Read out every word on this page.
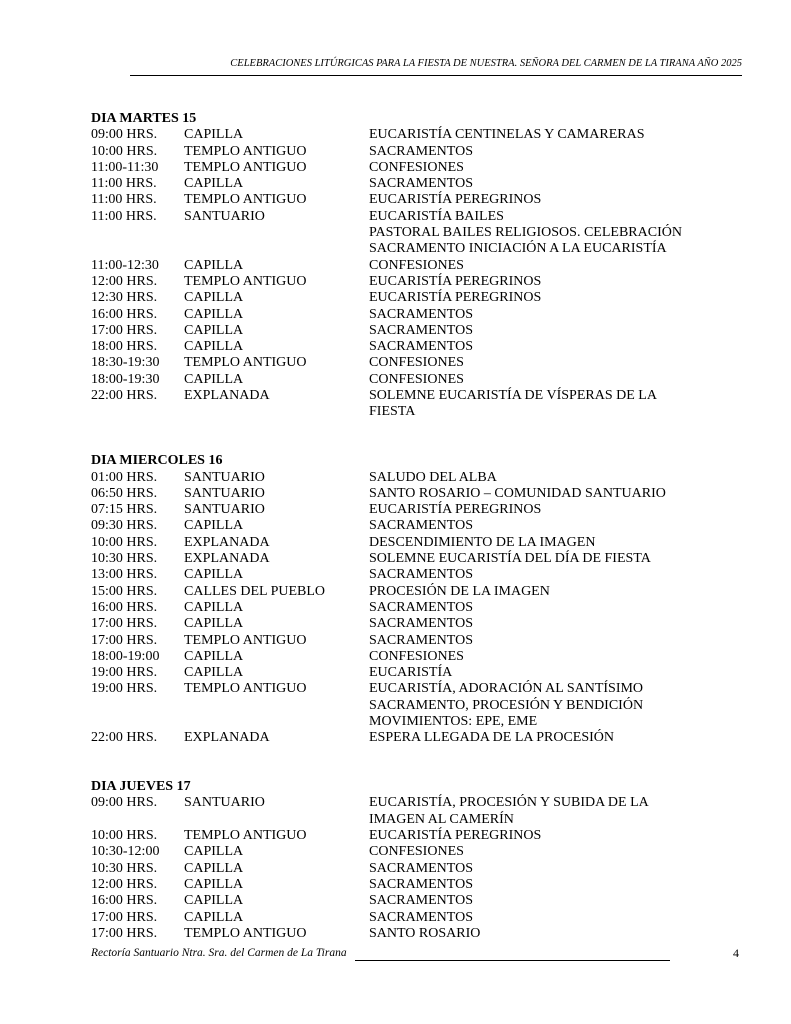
CELEBRACIONES LITÚRGICAS PARA LA FIESTA DE NUESTRA. SEÑORA DEL CARMEN DE LA TIRANA AÑO 2025
DIA MARTES 15
09:00 HRS. CAPILLA	EUCARISTÍA CENTINELAS Y CAMARERAS
10:00 HRS. TEMPLO ANTIGUO	SACRAMENTOS
11:00-11:30 TEMPLO ANTIGUO	CONFESIONES
11:00 HRS. CAPILLA	SACRAMENTOS
11:00 HRS. TEMPLO ANTIGUO	EUCARISTÍA PEREGRINOS
11:00 HRS. SANTUARIO	EUCARISTÍA BAILES
PASTORAL BAILES RELIGIOSOS. CELEBRACIÓN
SACRAMENTO INICIACIÓN A LA EUCARISTÍA
11:00-12:30 CAPILLA	CONFESIONES
12:00 HRS. TEMPLO ANTIGUO	EUCARISTÍA PEREGRINOS
12:30 HRS. CAPILLA	EUCARISTÍA PEREGRINOS
16:00 HRS. CAPILLA	SACRAMENTOS
17:00 HRS. CAPILLA	SACRAMENTOS
18:00 HRS. CAPILLA	SACRAMENTOS
18:30-19:30 TEMPLO ANTIGUO	CONFESIONES
18:00-19:30 CAPILLA	CONFESIONES
22:00 HRS. EXPLANADA	SOLEMNE EUCARISTÍA DE VÍSPERAS DE LA
FIESTA
DIA MIERCOLES 16
01:00 HRS. SANTUARIO	SALUDO DEL ALBA
06:50 HRS. SANTUARIO	SANTO ROSARIO – COMUNIDAD SANTUARIO
07:15 HRS. SANTUARIO	EUCARISTÍA PEREGRINOS
09:30 HRS. CAPILLA	SACRAMENTOS
10:00 HRS. EXPLANADA	DESCENDIMIENTO DE LA IMAGEN
10:30 HRS. EXPLANADA	SOLEMNE EUCARISTÍA DEL DÍA DE FIESTA
13:00 HRS. CAPILLA	SACRAMENTOS
15:00 HRS. CALLES DEL PUEBLO	PROCESIÓN DE LA IMAGEN
16:00 HRS. CAPILLA	SACRAMENTOS
17:00 HRS. CAPILLA	SACRAMENTOS
17:00 HRS. TEMPLO ANTIGUO	SACRAMENTOS
18:00-19:00 CAPILLA	CONFESIONES
19:00 HRS. CAPILLA	EUCARISTÍA
19:00 HRS. TEMPLO ANTIGUO	EUCARISTÍA, ADORACIÓN AL SANTÍSIMO
SACRAMENTO, PROCESIÓN Y BENDICIÓN
MOVIMIENTOS: EPE, EME
22:00 HRS. EXPLANADA	ESPERA LLEGADA DE LA PROCESIÓN
DIA JUEVES 17
09:00 HRS. SANTUARIO	EUCARISTÍA, PROCESIÓN Y SUBIDA DE LA
IMAGEN AL CAMERÍN
10:00 HRS. TEMPLO ANTIGUO	EUCARISTÍA PEREGRINOS
10:30-12:00 CAPILLA	CONFESIONES
10:30 HRS. CAPILLA	SACRAMENTOS
12:00 HRS. CAPILLA	SACRAMENTOS
16:00 HRS. CAPILLA	SACRAMENTOS
17:00 HRS. CAPILLA	SACRAMENTOS
17:00 HRS. TEMPLO ANTIGUO	SANTO ROSARIO
Rectoría Santuario Ntra. Sra. del Carmen de La Tirana	4
